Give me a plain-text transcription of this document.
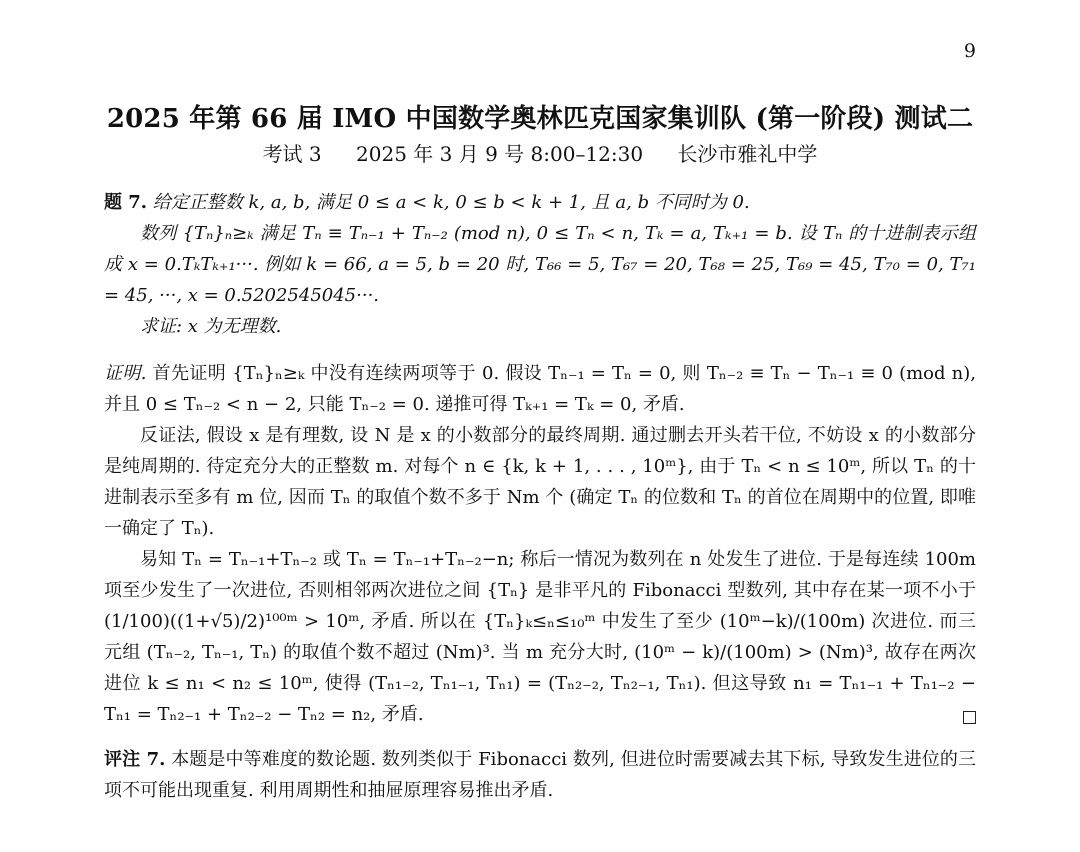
9
2025 年第 66 届 IMO 中国数学奥林匹克国家集训队 (第一阶段) 测试二
考试 3 2025 年 3 月 9 号 8:00–12:30 长沙市雅礼中学

题 7. 给定正整数 k, a, b, 满足 0 ≤ a < k, 0 ≤ b < k + 1, 且 a, b 不同时为 0.

数列 {Tₙ}ₙ≥ₖ 满足 Tₙ ≡ Tₙ₋₁ + Tₙ₋₂ (mod n), 0 ≤ Tₙ < n, Tₖ = a, Tₖ₊₁ = b. 设 Tₙ 的十进制表示组成 x = 0.TₖTₖ₊₁···. 例如 k = 66, a = 5, b = 20 时, T₆₆ = 5, T₆₇ = 20, T₆₈ = 25, T₆₉ = 45, T₇₀ = 0, T₇₁ = 45, ···, x = 0.5202545045···.

求证: x 为无理数.

证明. 首先证明 {Tₙ}ₙ≥ₖ 中没有连续两项等于 0. 假设 Tₙ₋₁ = Tₙ = 0, 则 Tₙ₋₂ ≡ Tₙ − Tₙ₋₁ ≡ 0 (mod n), 并且 0 ≤ Tₙ₋₂ < n − 2, 只能 Tₙ₋₂ = 0. 递推可得 Tₖ₊₁ = Tₖ = 0, 矛盾.

反证法, 假设 x 是有理数, 设 N 是 x 的小数部分的最终周期. 通过删去开头若干位, 不妨设 x 的小数部分是纯周期的. 待定充分大的正整数 m. 对每个 n ∈ {k, k + 1, . . . , 10ᵐ}, 由于 Tₙ < n ≤ 10ᵐ, 所以 Tₙ 的十进制表示至多有 m 位, 因而 Tₙ 的取值个数不多于 Nm 个 (确定 Tₙ 的位数和 Tₙ 的首位在周期中的位置, 即唯一确定了 Tₙ).

易知 Tₙ = Tₙ₋₁+Tₙ₋₂ 或 Tₙ = Tₙ₋₁+Tₙ₋₂−n; 称后一情况为数列在 n 处发生了进位. 于是每连续 100m 项至少发生了一次进位, 否则相邻两次进位之间 {Tₙ} 是非平凡的 Fibonacci 型数列, 其中存在某一项不小于 (1/100)((1+√5)/2)¹⁰⁰ᵐ > 10ᵐ, 矛盾. 所以在 {Tₙ}ₖ≤ₙ≤₁₀ᵐ 中发生了至少 (10ᵐ−k)/(100m) 次进位. 而三元组 (Tₙ₋₂, Tₙ₋₁, Tₙ) 的取值个数不超过 (Nm)³. 当 m 充分大时, (10ᵐ − k)/(100m) > (Nm)³, 故存在两次进位 k ≤ n₁ < n₂ ≤ 10ᵐ, 使得 (Tₙ₁₋₂, Tₙ₁₋₁, Tₙ₁) = (Tₙ₂₋₂, Tₙ₂₋₁, Tₙ₁). 但这导致 n₁ = Tₙ₁₋₁ + Tₙ₁₋₂ − Tₙ₁ = Tₙ₂₋₁ + Tₙ₂₋₂ − Tₙ₂ = n₂, 矛盾.

评注 7. 本题是中等难度的数论题. 数列类似于 Fibonacci 数列, 但进位时需要减去其下标, 导致发生进位的三项不可能出现重复. 利用周期性和抽屉原理容易推出矛盾.
